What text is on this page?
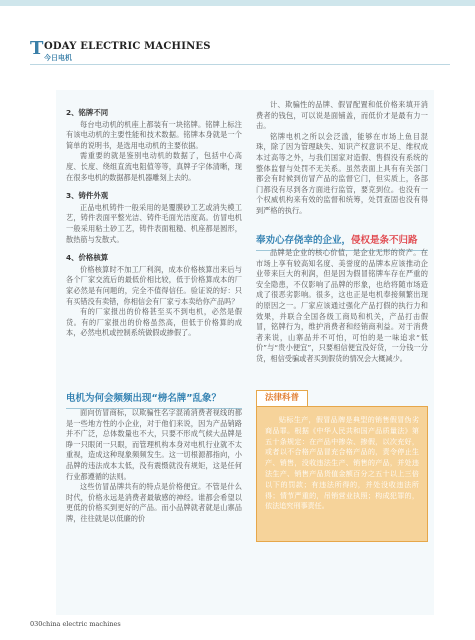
T ODAY ELECTRIC MACHINES
今日电机

2、铭牌不同

每台电动机的机座上都装有一块铭牌。铭牌上标注有该电动机的主要性能和技术数据。铭牌本身就是一个简单的说明书，是选用电动机的主要依据。

需重要的就是鉴别电动机的数据了，包括中心高度、长度、绕组直流电阻值等等，真牌子字体清晰，现在很多电机的数据都是机器雕刻上去的。

3、铸件外观

正品电机铸件一般采用的是覆膜砂工艺或消失模工艺，铸件表面平整光洁、铸件毛面光洁度高。仿冒电机一般采用粘土砂工艺，铸件表面粗糙、机座都是圆形，散热筋与发散式。

4、价格核算

价格核算时不加工厂利润，成本价格核算出来后与各个厂家交流后的最低价相比较，低于价格算成本的厂家必然是有问题的，完全不值得信任。验证说的好：只有买错没有卖错，你相信会有厂家亏本卖给你产品吗？

有的厂家报出的价格甚至买不到电机，必然是假货。有的厂家报出的价格虽然高，但低于价格算的成本，必然电机或控制系统做假或掺假了。

电机为何会频频出现“榜名牌”乱象？

面向仿冒商标，以欺骗性名字混淆消费者视线的都是一些地方性的小企业，对于他们来说，因为产品销路并不广泛，总体数量也不大，只要不形成气候大品牌是睁一只眼闭一只眼，而管理机构本身对电机行业就不太重视，造成这种现象频频发生。这一切根源都指向，小品牌的违法成本太低，没有震慑就没有规矩，这是任何行业都遵循的法则。

这些仿冒品牌共有的特点是价格便宜。不管是什么时代，价格永远是消费者最敏感的神经。谁都会希望以更低的价格买到更好的产品。而小品牌就者就是山寨品牌，往往就是以低廉的价

计、欺骗性的品牌、假冒配置和低价格来填开消费者的钱包，可以说是面铺盖，而低价才是最有力一击。

铭牌电机之所以会泛滥，能够在市场上鱼目混珠，除了因为管理缺失、知识产权意识不足、维权成本过高等之外，与我们国家对造假、售假没有系统的整体监督与处罚不无关系。虽然表面上具有有关部门都会有时候到仿冒产品的监督它门，但实质上，各部门都没有尽到各方面进行监管，要克到位。也没有一个权威机构来有效的监督和统筹，处罚查固也没有得到严格的执行。

奉劝心存侥幸的企业，侵权是条不归路

品牌是企业的核心价值，是企业无形的资产。在市场上享有较高知名度、美誉度的品牌本应该推动企业带来巨大的利润，但是因为假冒铭牌车存在严重的安全隐患，不仅影响了品牌的形象，也给将随市场造成了很恶劣影响。很多，这也正是电机奉接频繁出现的原因之一。厂家应该通过强化产品打假的执行力和效果，并联合全国各级工商局和机关，产品打击假冒，铭牌行为，维护消费者和经销商利益。对于消费者来说，山寨品并不可怕，可怕的是一味追求“低价”与“贵小便宜”，只要相信便宜没好货，一分钱一分货，相信受骗或者买到假货的情况会大概减少。

法律科普
贴标生产，假冒品牌是典型的销售假冒伪劣商品罪。根据《中华人民共和国产品质量法》第五十条规定：在产品中掺杂、掺假，以次充好，或者以不合格产品冒充合格产品的，责令停止生产、销售，没收违法生产、销售的产品，并处违法生产、销售产品货值金额百分之五十以上三倍以下的罚款；有违法所得的，并处没收违法所得；情节严重的，吊销营业执照；构成犯罪的，依法追究刑事责任。
030china electric machines
